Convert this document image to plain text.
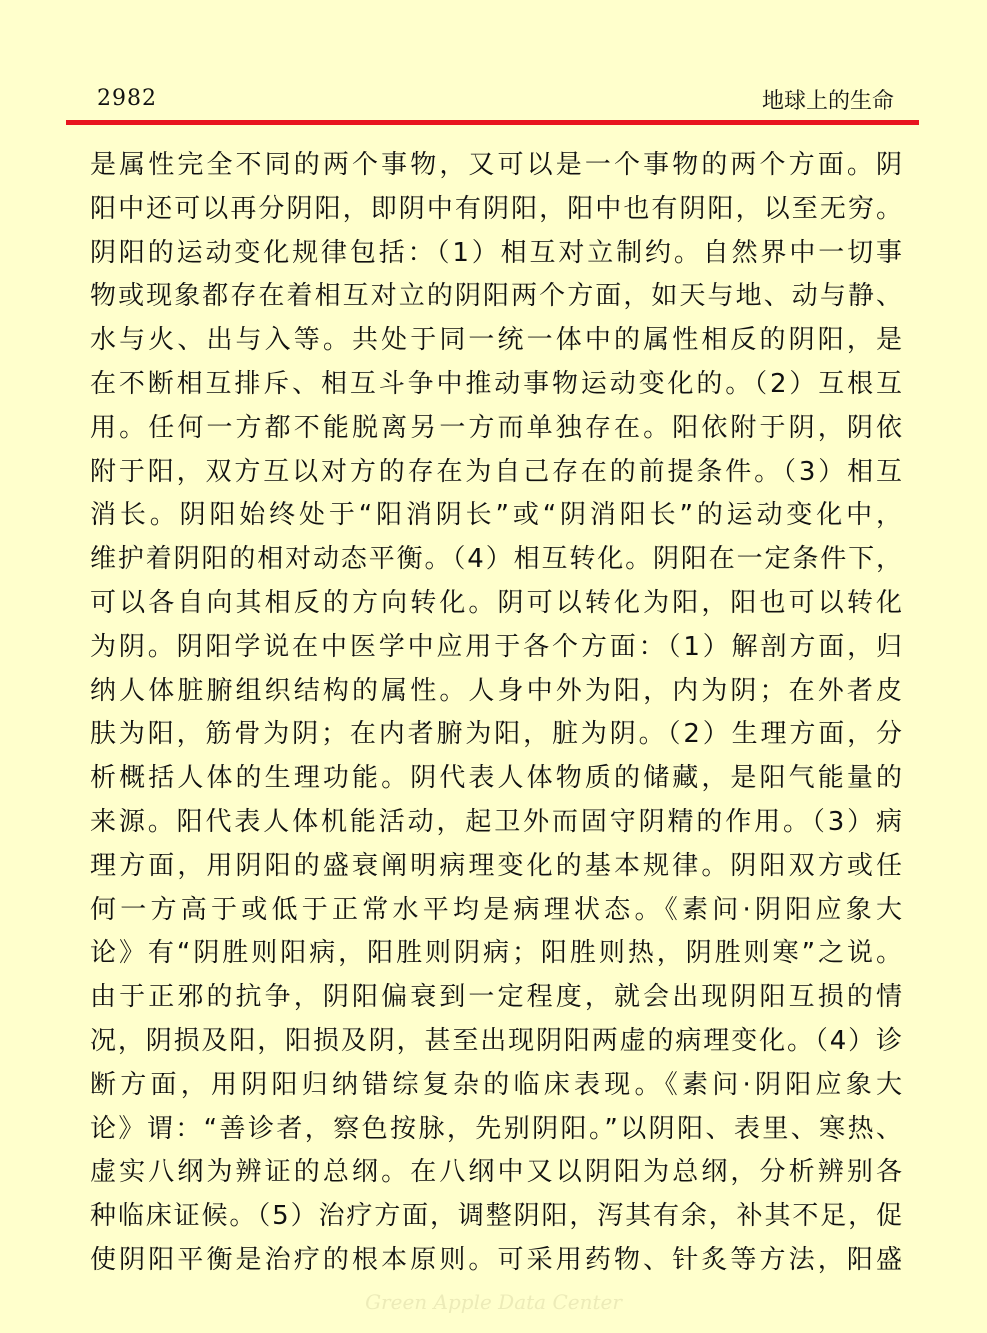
2982	地球上的生命
是属性完全不同的两个事物，又可以是一个事物的两个方面。阴
阳中还可以再分阴阳，即阴中有阴阳，阳中也有阴阳，以至无穷。
阴阳的运动变化规律包括：（1）相互对立制约。自然界中一切事
物或现象都存在着相互对立的阴阳两个方面，如天与地、动与静、
水与火、出与入等。共处于同一统一体中的属性相反的阴阳，是
在不断相互排斥、相互斗争中推动事物运动变化的。（2）互根互
用。任何一方都不能脱离另一方而单独存在。阳依附于阴，阴依
附于阳，双方互以对方的存在为自己存在的前提条件。（3）相互
消长。阴阳始终处于“阳消阴长”或“阴消阳长”的运动变化中，
维护着阴阳的相对动态平衡。（4）相互转化。阴阳在一定条件下，
可以各自向其相反的方向转化。阴可以转化为阳，阳也可以转化
为阴。阴阳学说在中医学中应用于各个方面：（1）解剖方面，归
纳人体脏腑组织结构的属性。人身中外为阳，内为阴；在外者皮
肤为阳，筋骨为阴；在内者腑为阳，脏为阴。（2）生理方面，分
析概括人体的生理功能。阴代表人体物质的储藏，是阳气能量的
来源。阳代表人体机能活动，起卫外而固守阴精的作用。（3）病
理方面，用阴阳的盛衰阐明病理变化的基本规律。阴阳双方或任
何一方高于或低于正常水平均是病理状态。《素问·阴阳应象大
论》有“阴胜则阳病，阳胜则阴病；阳胜则热，阴胜则寒”之说。
由于正邪的抗争，阴阳偏衰到一定程度，就会出现阴阳互损的情
况，阴损及阳，阳损及阴，甚至出现阴阳两虚的病理变化。（4）诊
断方面，用阴阳归纳错综复杂的临床表现。《素问·阴阳应象大
论》谓：“善诊者，察色按脉，先别阴阳。”以阴阳、表里、寒热、
虚实八纲为辨证的总纲。在八纲中又以阴阳为总纲，分析辨别各
种临床证候。（5）治疗方面，调整阴阳，泻其有余，补其不足，促
使阴阳平衡是治疗的根本原则。可采用药物、针炙等方法，阳盛
Green Apple Data Center
